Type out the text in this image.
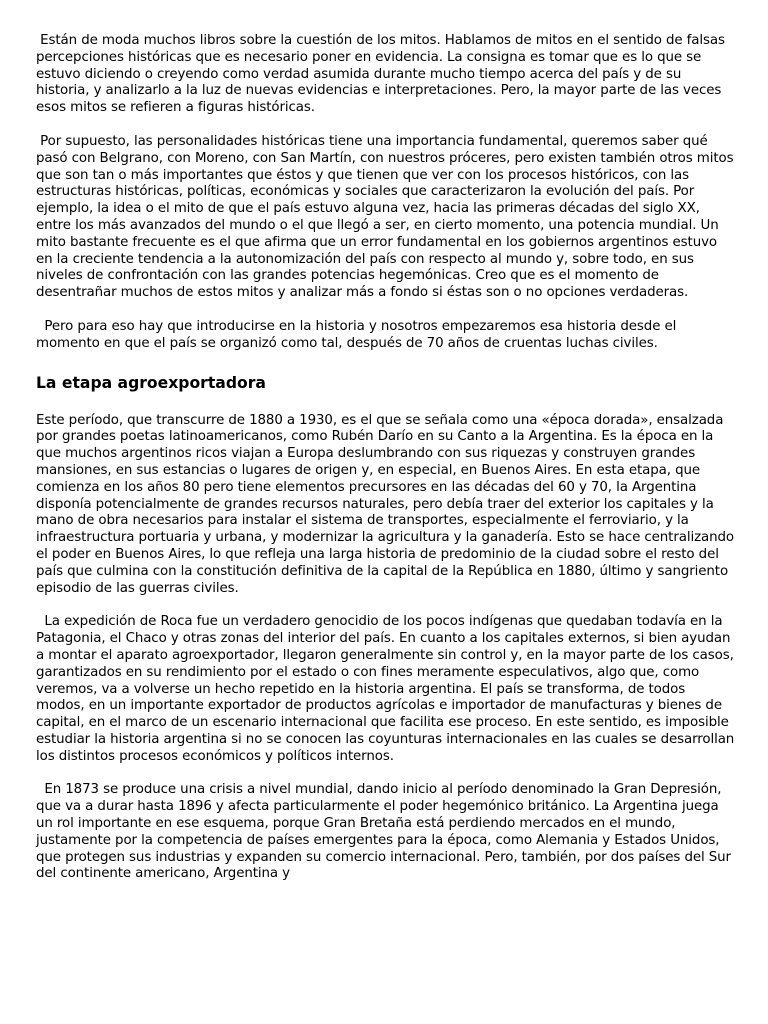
Están de moda muchos libros sobre la cuestión de los mitos. Hablamos de mitos en el sentido de falsas percepciones históricas que es necesario poner en evidencia. La consigna es tomar que es lo que se estuvo diciendo o creyendo como verdad asumida durante mucho tiempo acerca del país y de su historia, y analizarlo a la luz de nuevas evidencias e interpretaciones. Pero, la mayor parte de las veces esos mitos se refieren a figuras históricas.

Por supuesto, las personalidades históricas tiene una importancia fundamental, queremos saber qué pasó con Belgrano, con Moreno, con San Martín, con nuestros próceres, pero existen también otros mitos que son tan o más importantes que éstos y que tienen que ver con los procesos históricos, con las estructuras históricas, políticas, económicas y sociales que caracterizaron la evolución del país. Por ejemplo, la idea o el mito de que el país estuvo alguna vez, hacia las primeras décadas del siglo XX, entre los más avanzados del mundo o el que llegó a ser, en cierto momento, una potencia mundial. Un mito bastante frecuente es el que afirma que un error fundamental en los gobiernos argentinos estuvo en la creciente tendencia a la autonomización del país con respecto al mundo y, sobre todo, en sus niveles de confrontación con las grandes potencias hegemónicas. Creo que es el momento de desentrañar muchos de estos mitos y analizar más a fondo si éstas son o no opciones verdaderas.

Pero para eso hay que introducirse en la historia y nosotros empezaremos esa historia desde el momento en que el país se organizó como tal, después de 70 años de cruentas luchas civiles.

La etapa agroexportadora

Este período, que transcurre de 1880 a 1930, es el que se señala como una «época dorada», ensalzada por grandes poetas latinoamericanos, como Rubén Darío en su Canto a la Argentina. Es la época en la que muchos argentinos ricos viajan a Europa deslumbrando con sus riquezas y construyen grandes mansiones, en sus estancias o lugares de origen y, en especial, en Buenos Aires. En esta etapa, que comienza en los años 80 pero tiene elementos precursores en las décadas del 60 y 70, la Argentina disponía potencialmente de grandes recursos naturales, pero debía traer del exterior los capitales y la mano de obra necesarios para instalar el sistema de transportes, especialmente el ferroviario, y la infraestructura portuaria y urbana, y modernizar la agricultura y la ganadería. Esto se hace centralizando el poder en Buenos Aires, lo que refleja una larga historia de predominio de la ciudad sobre el resto del país que culmina con la constitución definitiva de la capital de la República en 1880, último y sangriento episodio de las guerras civiles.

La expedición de Roca fue un verdadero genocidio de los pocos indígenas que quedaban todavía en la Patagonia, el Chaco y otras zonas del interior del país. En cuanto a los capitales externos, si bien ayudan a montar el aparato agroexportador, llegaron generalmente sin control y, en la mayor parte de los casos, garantizados en su rendimiento por el estado o con fines meramente especulativos, algo que, como veremos, va a volverse un hecho repetido en la historia argentina. El país se transforma, de todos modos, en un importante exportador de productos agrícolas e importador de manufacturas y bienes de capital, en el marco de un escenario internacional que facilita ese proceso. En este sentido, es imposible estudiar la historia argentina si no se conocen las coyunturas internacionales en las cuales se desarrollan los distintos procesos económicos y políticos internos.

En 1873 se produce una crisis a nivel mundial, dando inicio al período denominado la Gran Depresión, que va a durar hasta 1896 y afecta particularmente el poder hegemónico británico. La Argentina juega un rol importante en ese esquema, porque Gran Bretaña está perdiendo mercados en el mundo, justamente por la competencia de países emergentes para la época, como Alemania y Estados Unidos, que protegen sus industrias y expanden su comercio internacional. Pero, también, por dos países del Sur del continente americano, Argentina y
